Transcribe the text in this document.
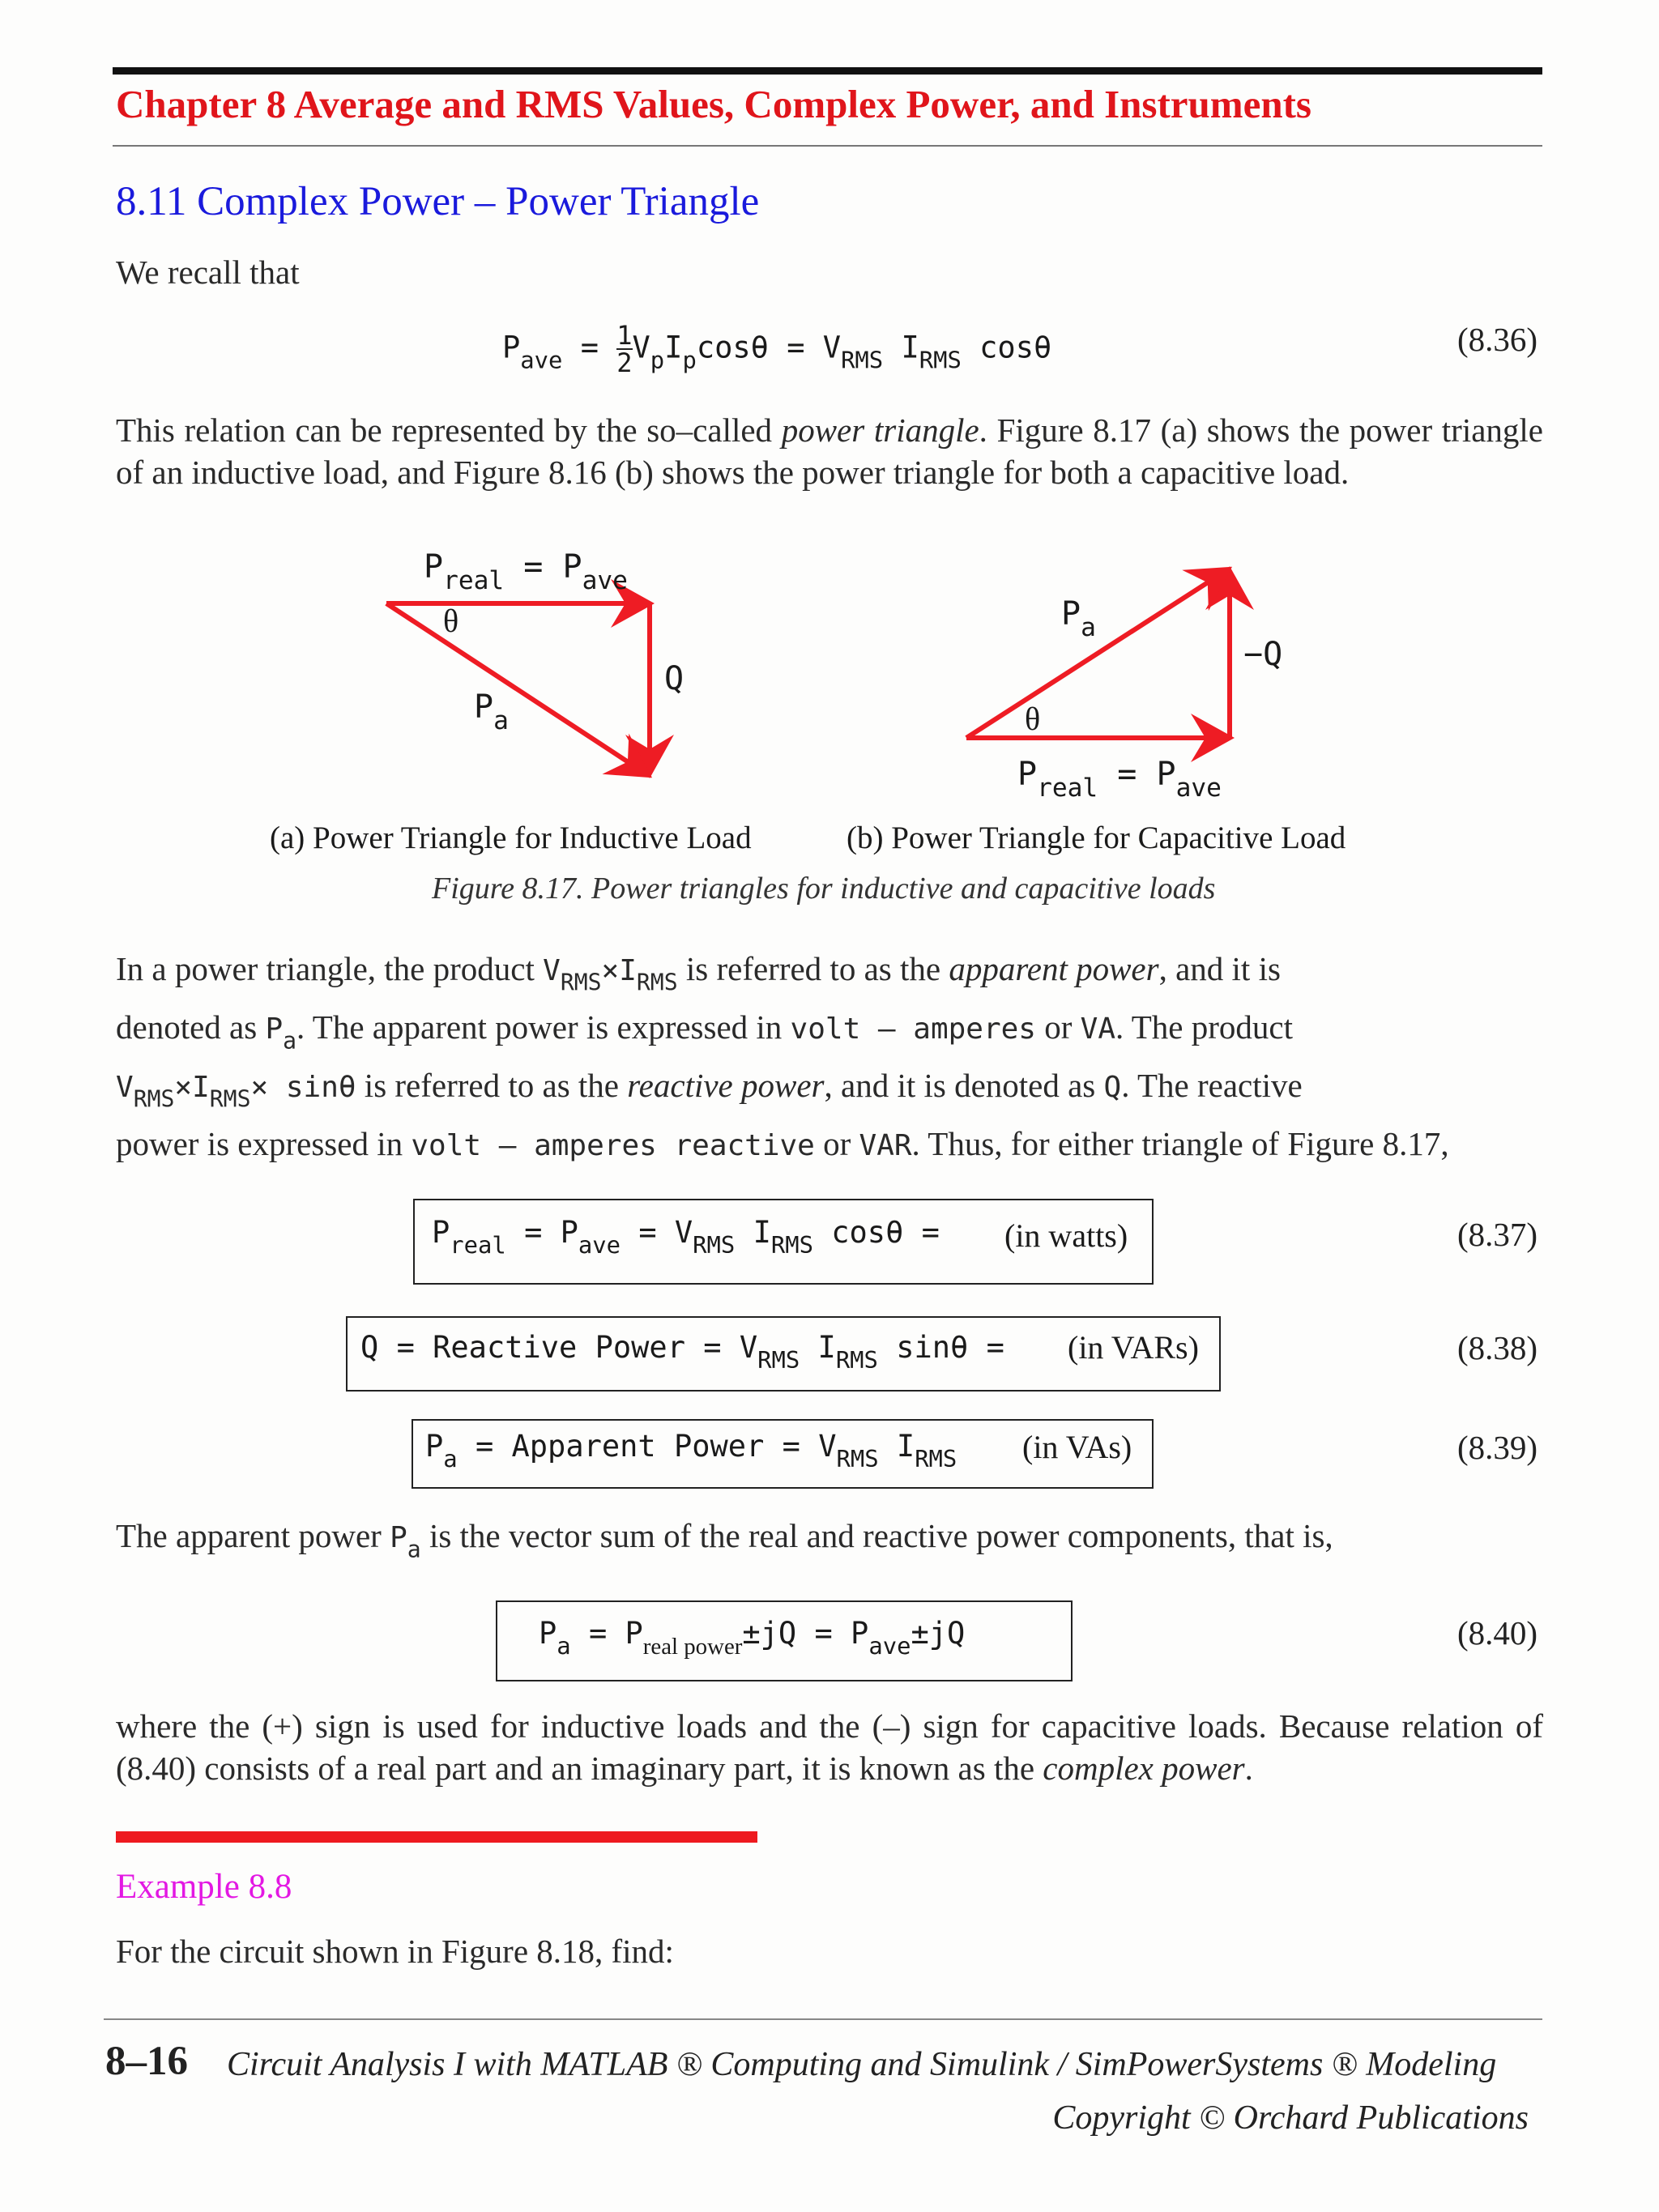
Chapter 8 Average and RMS Values, Complex Power, and Instruments
8.11 Complex Power – Power Triangle
We recall that
$P_{ave} = \frac{1}{2} V_pI_p\cos\theta = V_{RMS}$ $I_{RMS}$ cosθ	(8.36)
This relation can be represented by the so–called power triangle. Figure 8.17 (a) shows the power triangle of an inductive load, and Figure 8.16 (b) shows the power triangle for both a capacitive load.
$P_{real} = P_{ave}$
θ
Q
$P_a$
$P_a$
−Q
θ
$P_{real} = P_{ave}$
(a) Power Triangle for Inductive Load	(b) Power Triangle for Capacitive Load
Figure 8.17. Power triangles for inductive and capacitive loads
In a power triangle, the product $V_{RMS}\times I_{RMS}$ is referred to as the apparent power, and it is
denoted as $P_a$. The apparent power is expressed in volt – amperes or VA. The product
$V_{RMS}\times I_{RMS}\times \sin\theta$ is referred to as the reactive power, and it is denoted as Q. The reactive
power is expressed in volt – amperes reactive or VAR. Thus, for either triangle of Figure 8.17,
$P_{real} = P_{ave} = V_{RMS}$ $I_{RMS}$ cosθ = (in watts)	(8.37)
Q = Reactive Power = $V_{RMS}$ $I_{RMS}$ sinθ = (in VARs)	(8.38)
$P_a$ = Apparent Power = $V_{RMS}$ $I_{RMS}$ (in VAs)	(8.39)
The apparent power $P_a$ is the vector sum of the real and reactive power components, that is,
$P_a = P_{real power}\pm jQ = P_{ave}\pm jQ$	(8.40)
where the (+) sign is used for inductive loads and the (–) sign for capacitive loads. Because relation of (8.40) consists of a real part and an imaginary part, it is known as the complex power.
Example 8.8
For the circuit shown in Figure 8.18, find:
8–16 Circuit Analysis I with MATLAB ® Computing and Simulink / SimPowerSystems ® Modeling
Copyright © Orchard Publications
